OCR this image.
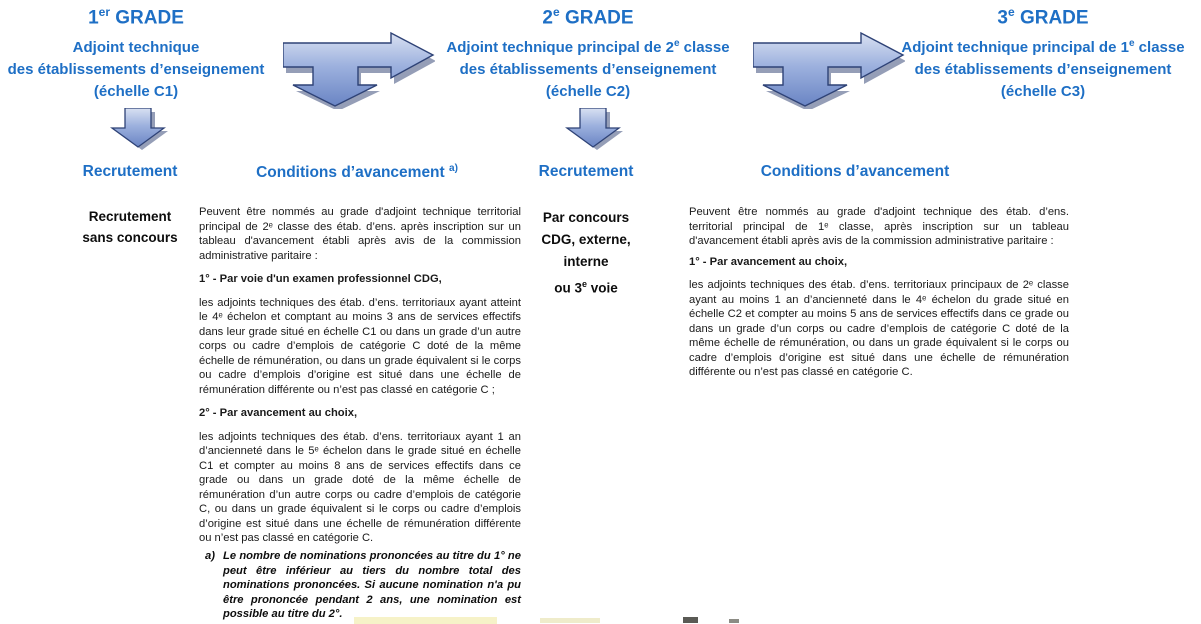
1er GRADE
Adjoint technique
des établissements d’enseignement
(échelle C1)
2e GRADE
Adjoint technique principal de 2e classe
des établissements d’enseignement
(échelle C2)
3e GRADE
Adjoint technique principal de 1e classe
des établissements d’enseignement
(échelle C3)
Recrutement	Conditions d’avancement $^{a)}$	Recrutement	Conditions d’avancement
Recrutement
sans concours

Peuvent être nommés au grade d'adjoint technique territorial principal de 2ᵉ classe des étab. d’ens. après inscription sur un tableau d'avancement établi après avis de la commission administrative paritaire :

1° - Par voie d'un examen professionnel CDG,

les adjoints techniques des étab. d’ens. territoriaux ayant atteint le 4ᵉ échelon et comptant au moins 3 ans de services effectifs dans leur grade situé en échelle C1 ou dans un grade d’un autre corps ou cadre d’emplois de catégorie C doté de la même échelle de rémunération, ou dans un grade équivalent si le corps ou cadre d’emplois d’origine est situé dans une échelle de rémunération différente ou n’est pas classé en catégorie C ;

2° - Par avancement au choix,

les adjoints techniques des étab. d’ens. territoriaux ayant 1 an d’ancienneté dans le 5ᵉ échelon dans le grade situé en échelle C1 et compter au moins 8 ans de services effectifs dans ce grade ou dans un grade doté de la même échelle de rémunération d’un autre corps ou cadre d’emplois de catégorie C, ou dans un grade équivalent si le corps ou cadre d’emplois d’origine est situé dans une échelle de rémunération différente ou n’est pas classé en catégorie C.

a) Le nombre de nominations prononcées au titre du 1° ne peut être inférieur au tiers du nombre total des nominations prononcées. Si aucune nomination n'a pu être prononcée pendant 2 ans, une nomination est possible au titre du 2°.
Par concours
CDG, externe,
interne
ou 3e voie

Peuvent être nommés au grade d'adjoint technique des étab. d’ens. territorial principal de 1ᵉ classe, après inscription sur un tableau d'avancement établi après avis de la commission administrative paritaire :

1° - Par avancement au choix,

les adjoints techniques des étab. d’ens. territoriaux principaux de 2ᵉ classe ayant au moins 1 an d’ancienneté dans le 4ᵉ échelon du grade situé en échelle C2 et compter au moins 5 ans de services effectifs dans ce grade ou dans un grade d’un corps ou cadre d’emplois de catégorie C doté de la même échelle de rémunération, ou dans un grade équivalent si le corps ou cadre d’emplois d’origine est situé dans une échelle de rémunération différente ou n’est pas classé en catégorie C.
